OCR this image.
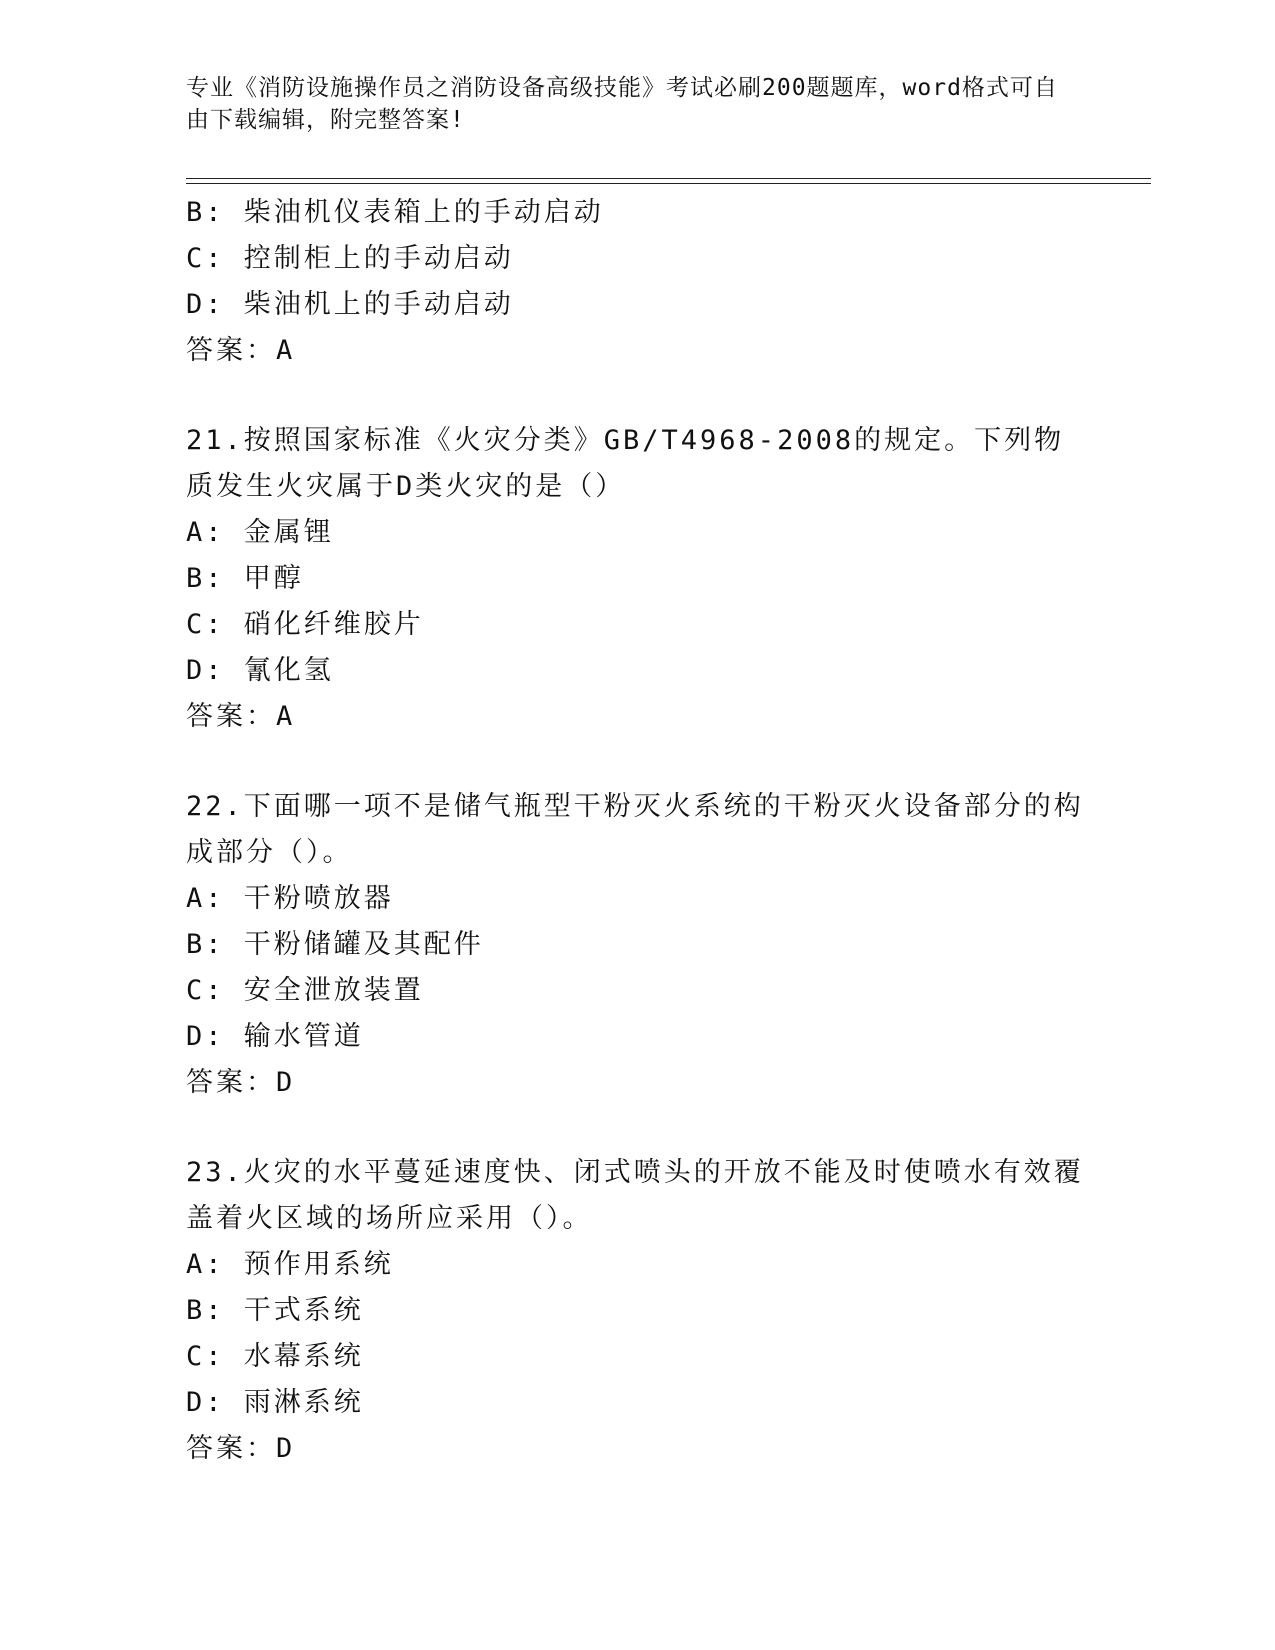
专业《消防设施操作员之消防设备高级技能》考试必刷200题题库，word格式可自由下载编辑，附完整答案!
B: 柴油机仪表箱上的手动启动
C: 控制柜上的手动启动
D: 柴油机上的手动启动
答案：A
21.按照国家标准《火灾分类》GB/T4968-2008的规定。下列物质发生火灾属于D类火灾的是（）
A: 金属锂
B: 甲醇
C: 硝化纤维胶片
D: 氰化氢
答案：A
22.下面哪一项不是储气瓶型干粉灭火系统的干粉灭火设备部分的构成部分（）。
A: 干粉喷放器
B: 干粉储罐及其配件
C: 安全泄放装置
D: 输水管道
答案：D
23.火灾的水平蔓延速度快、闭式喷头的开放不能及时使喷水有效覆盖着火区域的场所应采用（）。
A: 预作用系统
B: 干式系统
C: 水幕系统
D: 雨淋系统
答案：D
